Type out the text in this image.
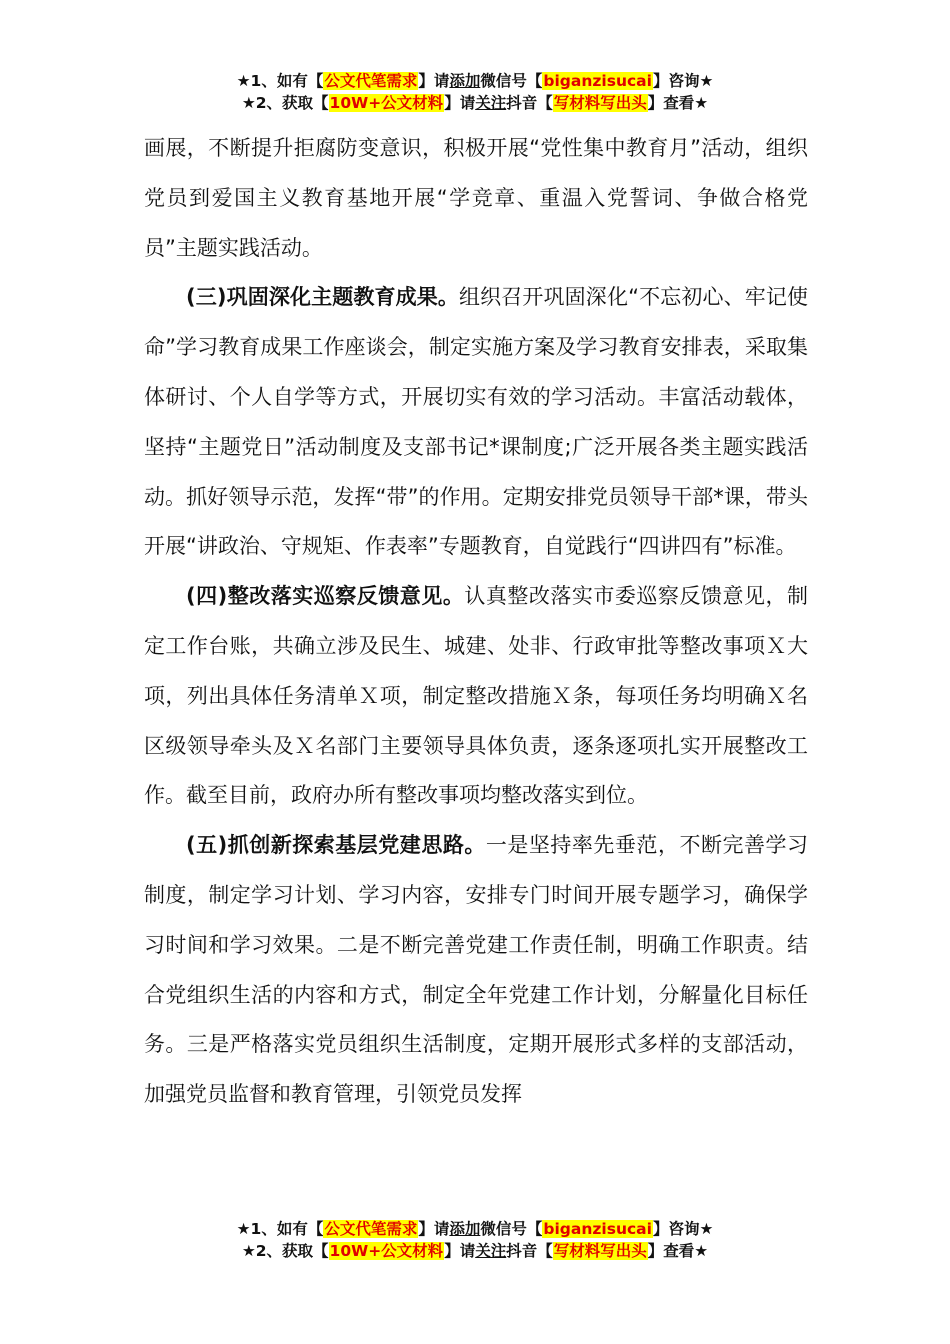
★1、如有【公文代笔需求】请添加微信号【biganzisucai】咨询★
★2、获取【10W+公文材料】请关注抖音【写材料写出头】查看★

画展，不断提升拒腐防变意识，积极开展“党性集中教育月”活动，组织党员到爱国主义教育基地开展“学竞章、重温入党誓词、争做合格党员”主题实践活动。

(三)巩固深化主题教育成果。组织召开巩固深化“不忘初心、牢记使命”学习教育成果工作座谈会，制定实施方案及学习教育安排表，采取集体研讨、个人自学等方式，开展切实有效的学习活动。丰富活动载体，坚持“主题党日”活动制度及支部书记*课制度;广泛开展各类主题实践活动。抓好领导示范，发挥“带”的作用。定期安排党员领导干部*课，带头开展“讲政治、守规矩、作表率”专题教育，自觉践行“四讲四有”标准。

(四)整改落实巡察反馈意见。认真整改落实市委巡察反馈意见，制定工作台账，共确立涉及民生、城建、处非、行政审批等整改事项Ｘ大项，列出具体任务清单Ｘ项，制定整改措施Ｘ条，每项任务均明确Ｘ名区级领导牵头及Ｘ名部门主要领导具体负责，逐条逐项扎实开展整改工作。截至目前，政府办所有整改事项均整改落实到位。

(五)抓创新探索基层党建思路。一是坚持率先垂范，不断完善学习制度，制定学习计划、学习内容，安排专门时间开展专题学习，确保学习时间和学习效果。二是不断完善党建工作责任制，明确工作职责。结合党组织生活的内容和方式，制定全年党建工作计划，分解量化目标任务。三是严格落实党员组织生活制度，定期开展形式多样的支部活动，加强党员监督和教育管理，引领党员发挥

★1、如有【公文代笔需求】请添加微信号【biganzisucai】咨询★
★2、获取【10W+公文材料】请关注抖音【写材料写出头】查看★
